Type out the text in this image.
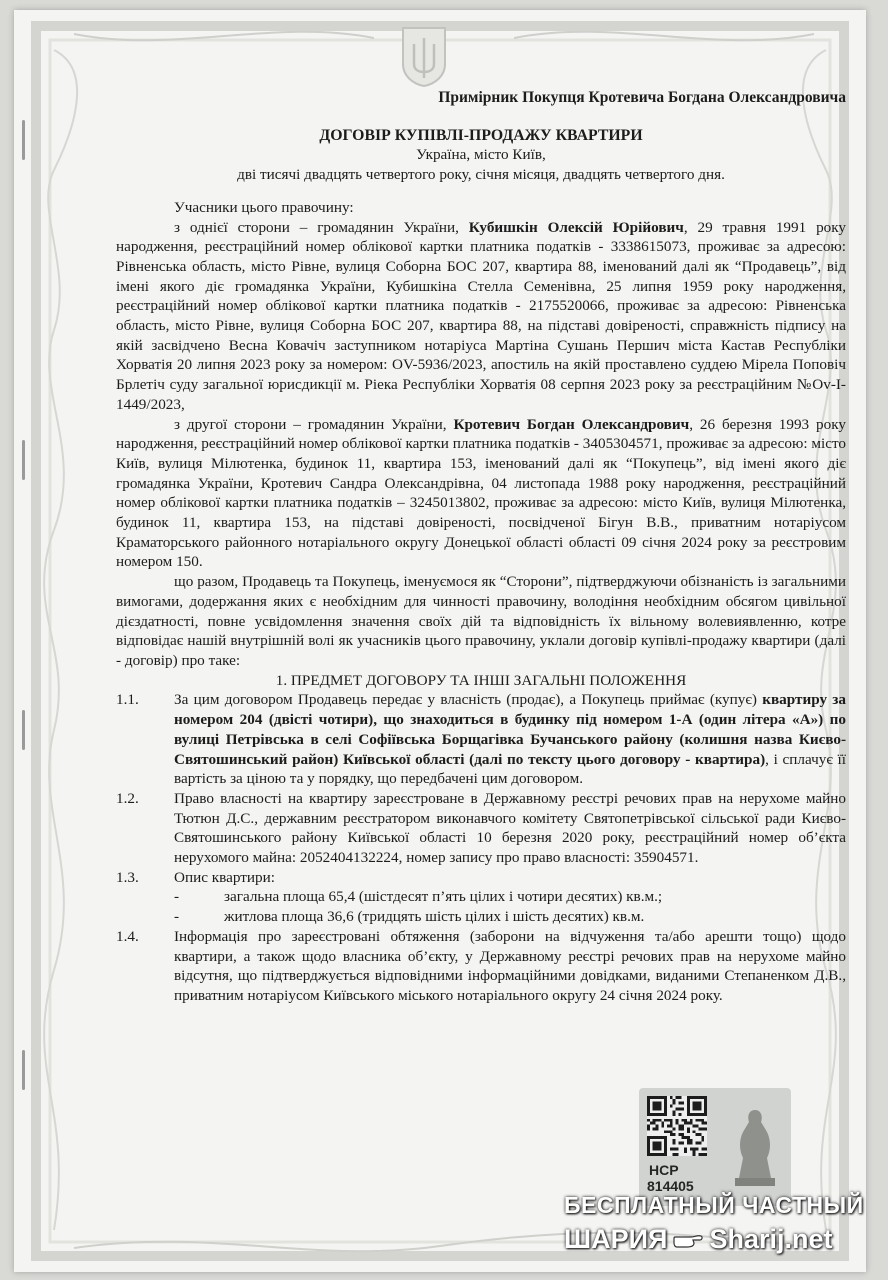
Примірник Покупця Кротевича Богдана Олександровича

ДОГОВІР КУПІВЛІ-ПРОДАЖУ КВАРТИРИ

Україна, місто Київ,

дві тисячі двадцять четвертого року, січня місяця, двадцять четвертого дня.

Учасники цього правочину:

з однієї сторони – громадянин України, Кубишкін Олексій Юрійович, 29 травня 1991 року народження, реєстраційний номер облікової картки платника податків - 3338615073, проживає за адресою: Рівненська область, місто Рівне, вулиця Соборна БОС 207, квартира 88, іменований далі як “Продавець”, від імені якого діє громадянка України, Кубишкіна Стелла Семенівна, 25 липня 1959 року народження, реєстраційний номер облікової картки платника податків - 2175520066, проживає за адресою: Рівненська область, місто Рівне, вулиця Соборна БОС 207, квартира 88, на підставі довіреності, справжність підпису на якій засвідчено Весна Ковачіч заступником нотаріуса Мартіна Сушань Першич міста Кастав Республіки Хорватія 20 липня 2023 року за номером: OV-5936/2023, апостиль на якій проставлено суддею Мірела Поповіч Брлетіч суду загальної юрисдикції м. Ріека Республіки Хорватія 08 серпня 2023 року за реєстраційним №Ov-I-1449/2023,

з другої сторони – громадянин України, Кротевич Богдан Олександрович, 26 березня 1993 року народження, реєстраційний номер облікової картки платника податків - 3405304571, проживає за адресою: місто Київ, вулиця Мілютенка, будинок 11, квартира 153, іменований далі як “Покупець”, від імені якого діє громадянка України, Кротевич Сандра Олександрівна, 04 листопада 1988 року народження, реєстраційний номер облікової картки платника податків – 3245013802, проживає за адресою: місто Київ, вулиця Мілютенка, будинок 11, квартира 153, на підставі довіреності, посвідченої Бігун В.В., приватним нотаріусом Краматорського районного нотаріального округу Донецької області області 09 січня 2024 року за реєстровим номером 150.

що разом, Продавець та Покупець, іменуємося як “Сторони”, підтверджуючи обізнаність із загальними вимогами, додержання яких є необхідним для чинності правочину, володіння необхідним обсягом цивільної дієздатності, повне усвідомлення значення своїх дій та відповідність їх вільному волевиявленню, котре відповідає нашій внутрішній волі як учасників цього правочину, уклали договір купівлі-продажу квартири (далі - договір) про таке:

1. ПРЕДМЕТ ДОГОВОРУ ТА ІНШІ ЗАГАЛЬНІ ПОЛОЖЕННЯ

1.1. За цим договором Продавець передає у власність (продає), а Покупець приймає (купує) квартиру за номером 204 (двісті чотири), що знаходиться в будинку під номером 1-А (один літера «А») по вулиці Петрівська в селі Софіївська Борщагівка Бучанського району (колишня назва Києво-Святошинський район) Київської області (далі по тексту цього договору - квартира), і сплачує її вартість за ціною та у порядку, що передбачені цим договором.
1.2. Право власності на квартиру зареєстроване в Державному реєстрі речових прав на нерухоме майно Тютюн Д.С., державним реєстратором виконавчого комітету Святопетрівської сільської ради Києво-Святошинського району Київської області 10 березня 2020 року, реєстраційний номер об’єкта нерухомого майна: 2052404132224, номер запису про право власності: 35904571.
1.3. Опис квартири:
-	загальна площа 65,4 (шістдесят п’ять цілих і чотири десятих) кв.м.;
-	житлова площа 36,6 (тридцять шість цілих і шість десятих) кв.м.
1.4. Інформація про зареєстровані обтяження (заборони на відчуження та/або арешти тощо) щодо квартири, а також щодо власника об’єкту, у Державному реєстрі речових прав на нерухоме майно відсутня, що підтверджується відповідними інформаційними довідками, виданими Степаненком Д.В., приватним нотаріусом Київського міського нотаріального округу 24 січня 2024 року.
НСР
814405
БЕСПЛАТНЫЙ ЧАСТНЫЙ
ШАРИЯ Sharij.net
